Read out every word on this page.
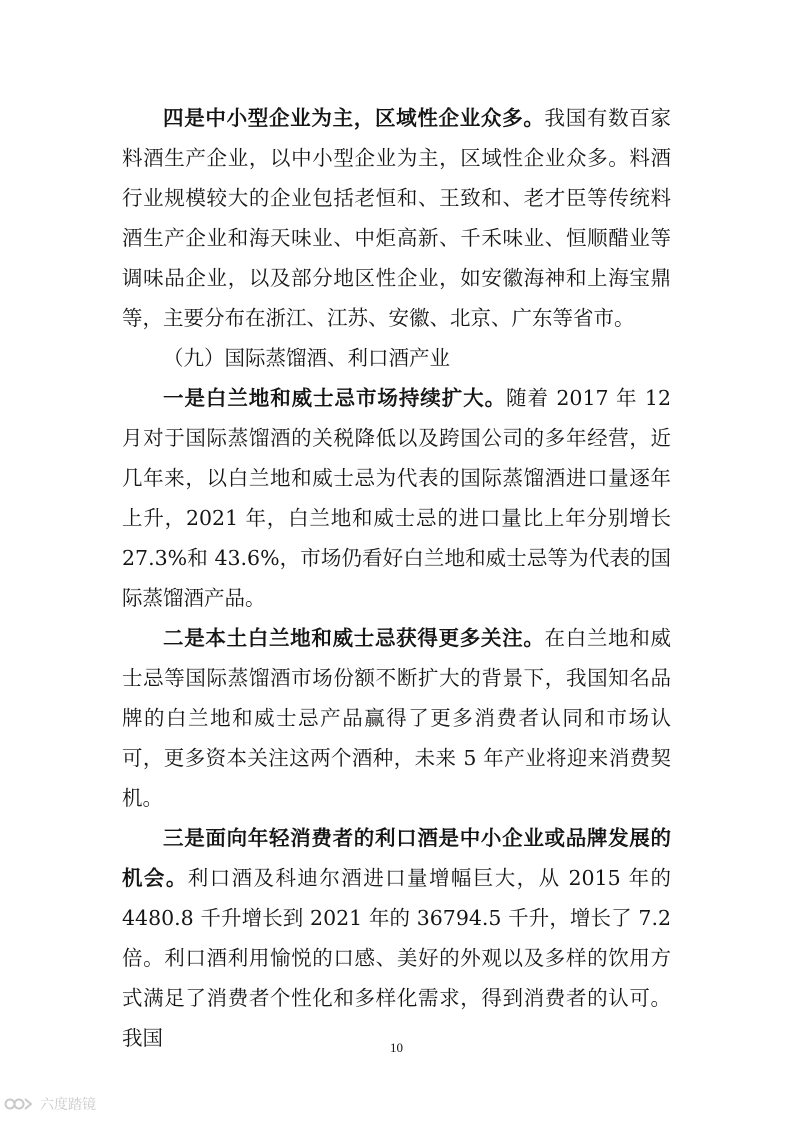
四是中小型企业为主，区域性企业众多。我国有数百家料酒生产企业，以中小型企业为主，区域性企业众多。料酒行业规模较大的企业包括老恒和、王致和、老才臣等传统料酒生产企业和海天味业、中炬高新、千禾味业、恒顺醋业等调味品企业，以及部分地区性企业，如安徽海神和上海宝鼎等，主要分布在浙江、江苏、安徽、北京、广东等省市。

（九）国际蒸馏酒、利口酒产业

一是白兰地和威士忌市场持续扩大。随着 2017 年 12 月对于国际蒸馏酒的关税降低以及跨国公司的多年经营，近几年来，以白兰地和威士忌为代表的国际蒸馏酒进口量逐年上升，2021 年，白兰地和威士忌的进口量比上年分别增长 27.3%和 43.6%，市场仍看好白兰地和威士忌等为代表的国际蒸馏酒产品。

二是本土白兰地和威士忌获得更多关注。在白兰地和威士忌等国际蒸馏酒市场份额不断扩大的背景下，我国知名品牌的白兰地和威士忌产品赢得了更多消费者认同和市场认可，更多资本关注这两个酒种，未来 5 年产业将迎来消费契机。

三是面向年轻消费者的利口酒是中小企业或品牌发展的机会。利口酒及科迪尔酒进口量增幅巨大，从 2015 年的 4480.8 千升增长到 2021 年的 36794.5 千升，增长了 7.2 倍。利口酒利用愉悦的口感、美好的外观以及多样的饮用方式满足了消费者个性化和多样化需求，得到消费者的认可。我国	10
六度踏镜
